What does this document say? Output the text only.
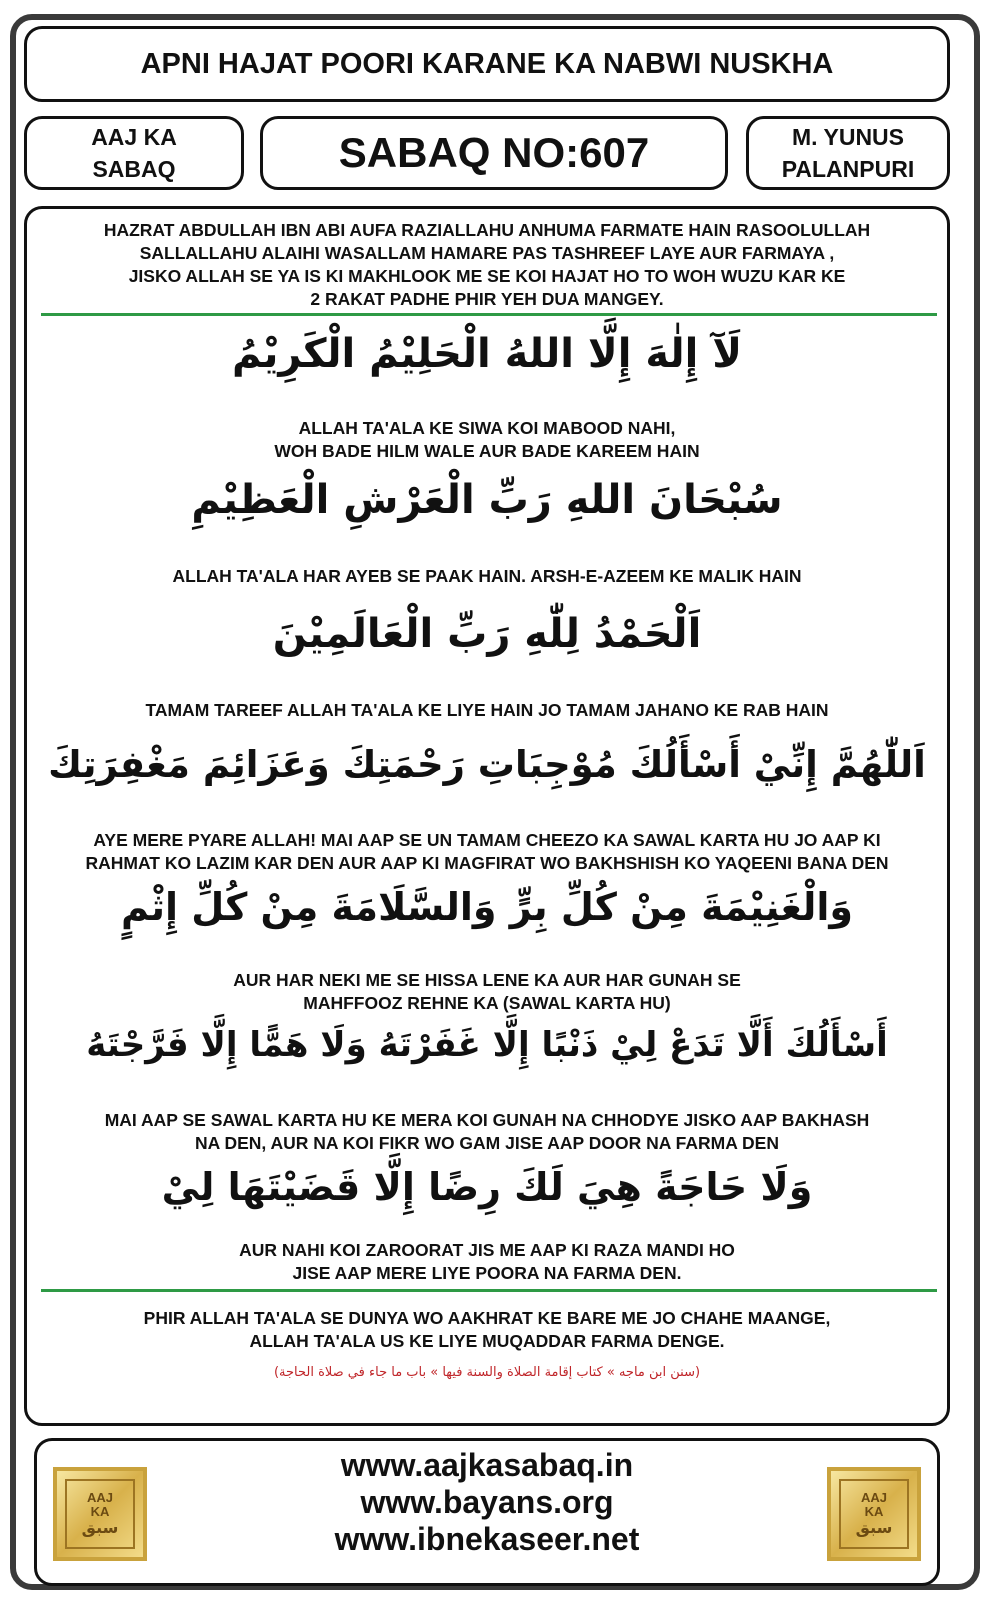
APNI HAJAT POORI KARANE KA NABWI NUSKHA
AAJ KA
SABAQ	SABAQ NO:607	M. YUNUS
PALANPURI
HAZRAT ABDULLAH IBN ABI AUFA RAZIALLAHU ANHUMA FARMATE HAIN RASOOLULLAH
SALLALLAHU ALAIHI WASALLAM HAMARE PAS TASHREEF LAYE AUR FARMAYA ,
JISKO ALLAH SE YA IS KI MAKHLOOK ME SE KOI HAJAT HO TO WOH WUZU KAR KE
2 RAKAT PADHE PHIR YEH DUA MANGEY.
لَآ إِلٰهَ إِلَّا اللهُ الْحَلِيْمُ الْكَرِيْمُ
ALLAH TA'ALA KE SIWA KOI MABOOD NAHI,
WOH BADE HILM WALE AUR BADE KAREEM HAIN
سُبْحَانَ اللهِ رَبِّ الْعَرْشِ الْعَظِيْمِ
ALLAH TA'ALA HAR AYEB SE PAAK HAIN. ARSH-E-AZEEM KE MALIK HAIN
اَلْحَمْدُ لِلّٰهِ رَبِّ الْعَالَمِيْنَ
TAMAM TAREEF ALLAH TA'ALA KE LIYE HAIN JO TAMAM JAHANO KE RAB HAIN
اَللّٰهُمَّ إِنِّيْ أَسْأَلُكَ مُوْجِبَاتِ رَحْمَتِكَ وَعَزَائِمَ مَغْفِرَتِكَ
AYE MERE PYARE ALLAH! MAI AAP SE UN TAMAM CHEEZO KA SAWAL KARTA HU JO AAP KI
RAHMAT KO LAZIM KAR DEN AUR AAP KI MAGFIRAT WO BAKHSHISH KO YAQEENI BANA DEN
وَالْغَنِيْمَةَ مِنْ كُلِّ بِرٍّ وَالسَّلَامَةَ مِنْ كُلِّ إِثْمٍ
AUR HAR NEKI ME SE HISSA LENE KA AUR HAR GUNAH SE
MAHFFOOZ REHNE KA (SAWAL KARTA HU)
أَسْأَلُكَ أَلَّا تَدَعْ لِيْ ذَنْبًا إِلَّا غَفَرْتَهُ وَلَا هَمًّا إِلَّا فَرَّجْتَهُ
MAI AAP SE SAWAL KARTA HU KE MERA KOI GUNAH NA CHHODYE JISKO AAP BAKHASH
NA DEN, AUR NA KOI FIKR WO GAM JISE AAP DOOR NA FARMA DEN
وَلَا حَاجَةً هِيَ لَكَ رِضًا إِلَّا قَضَيْتَهَا لِيْ
AUR NAHI KOI ZAROORAT JIS ME AAP KI RAZA MANDI HO
JISE AAP MERE LIYE POORA NA FARMA DEN.
PHIR ALLAH TA'ALA SE DUNYA WO AAKHRAT KE BARE ME JO CHAHE MAANGE,
ALLAH TA'ALA US KE LIYE MUQADDAR FARMA DENGE.
(سنن ابن ماجه » كتاب إقامة الصلاة والسنة فيها » باب ما جاء في صلاة الحاجة)
AAJ
KA
سبق
www.aajkasabaq.in
www.bayans.org
www.ibnekaseer.net
AAJ
KA
سبق
